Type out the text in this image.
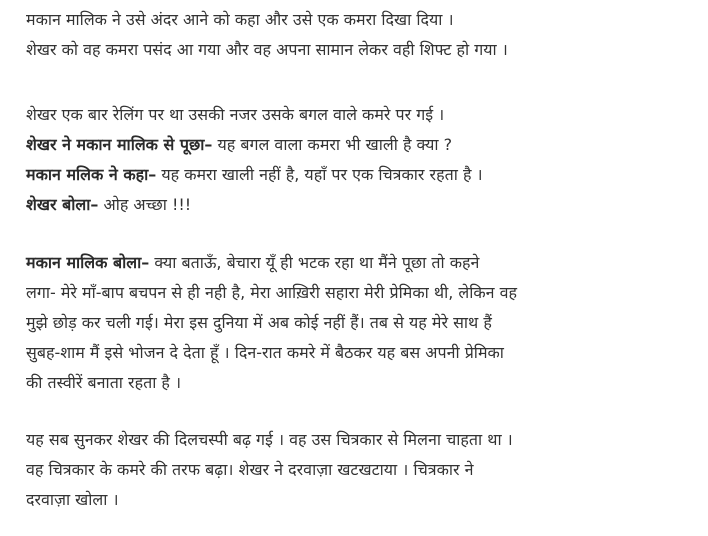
मकान मालिक ने उसे अंदर आने को कहा और उसे एक कमरा दिखा दिया ।
शेखर को वह कमरा पसंद आ गया और वह अपना सामान लेकर वही शिफ्ट हो गया ।
शेखर एक बार रेलिंग पर था उसकी नजर उसके बगल वाले कमरे पर गई ।
शेखर ने मकान मालिक से पूछा– यह बगल वाला कमरा भी खाली है क्या ?
मकान मलिक ने कहा– यह कमरा खाली नहीं है, यहाँ पर एक चित्रकार रहता है ।
शेखर बोला– ओह अच्छा !!!
मकान मालिक बोला– क्या बताऊँ, बेचारा यूँ ही भटक रहा था मैंने पूछा तो कहने
लगा- मेरे माँ-बाप बचपन से ही नही है, मेरा आख़िरी सहारा मेरी प्रेमिका थी, लेकिन वह
मुझे छोड़ कर चली गई। मेरा इस दुनिया में अब कोई नहीं हैं। तब से यह मेरे साथ हैं
सुबह-शाम मैं इसे भोजन दे देता हूँ । दिन-रात कमरे में बैठकर यह बस अपनी प्रेमिका
की तस्वीरें बनाता रहता है ।
यह सब सुनकर शेखर की दिलचस्पी बढ़ गई । वह उस चित्रकार से मिलना चाहता था ।
वह चित्रकार के कमरे की तरफ बढ़ा। शेखर ने दरवाज़ा खटखटाया । चित्रकार ने
दरवाज़ा खोला ।
